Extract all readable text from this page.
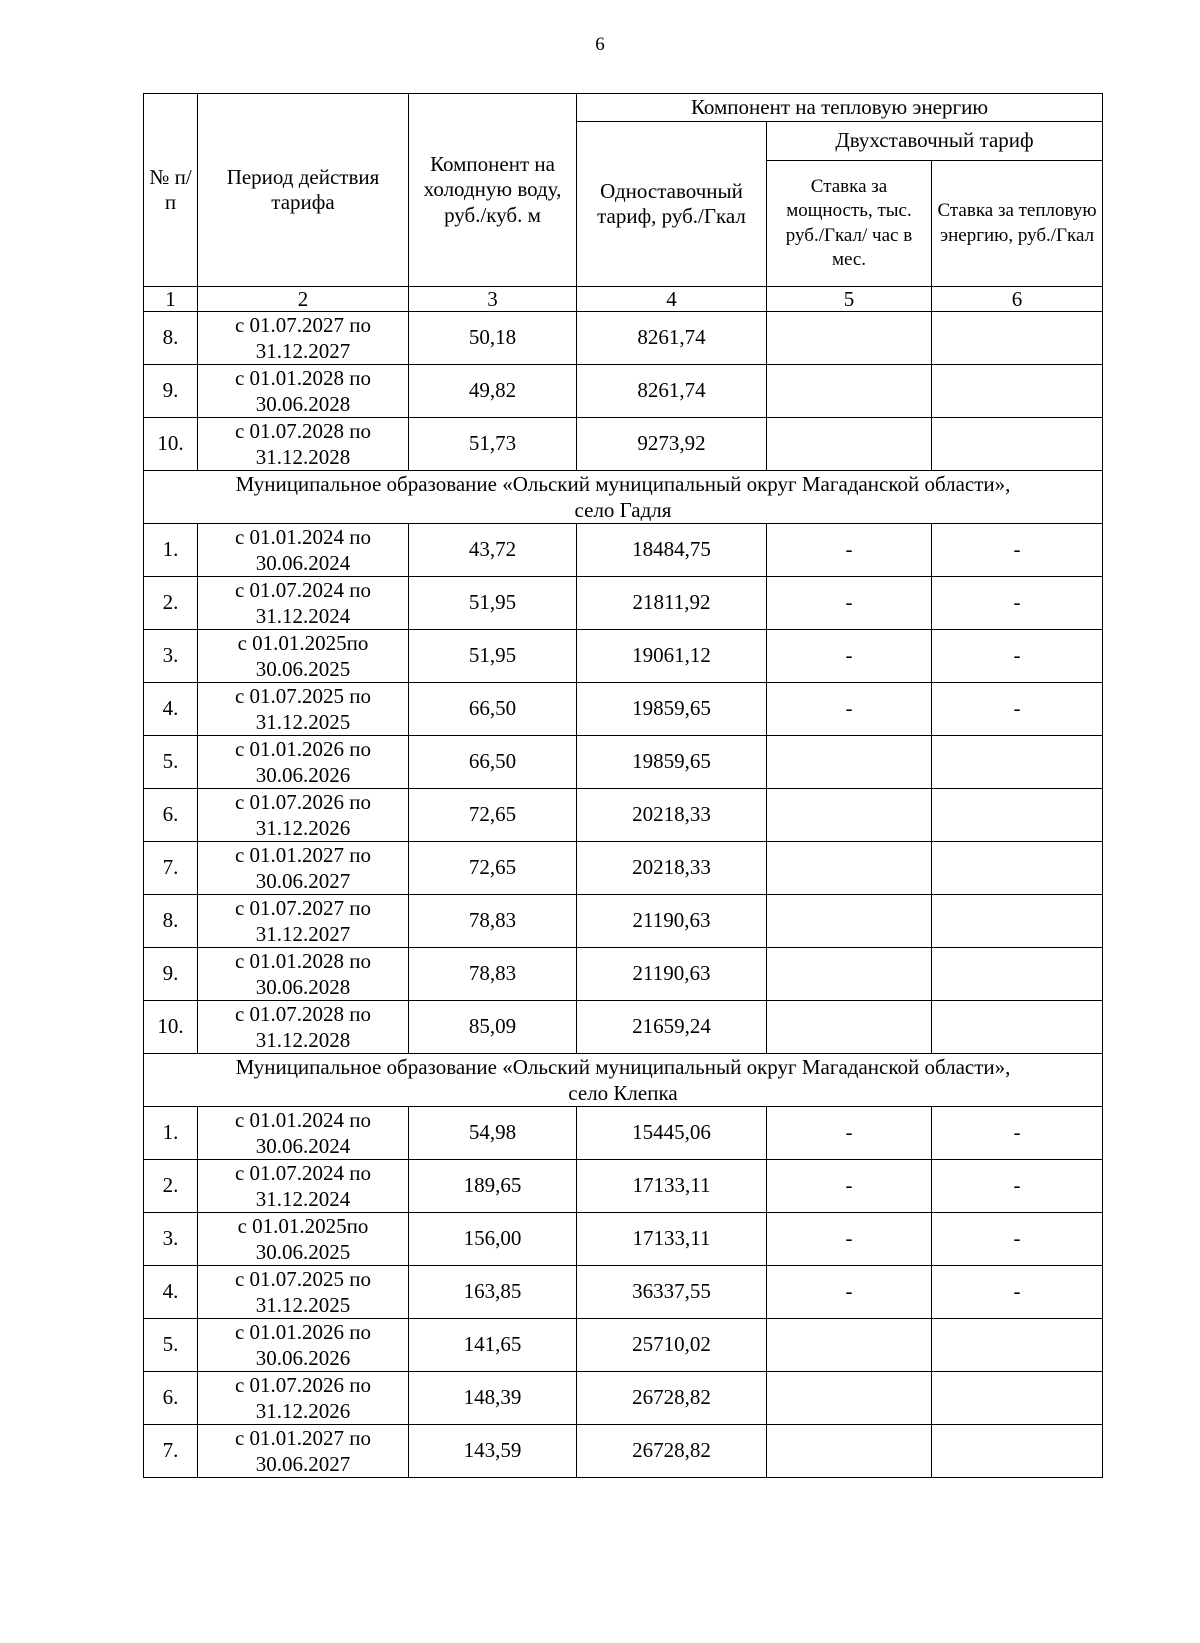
6
№ п/п	Период действия тарифа	Компонент на холодную воду, руб./куб. м	Компонент на тепловую энергию		
			Одноставочный тариф, руб./Гкал	Двухставочный тариф	
				Ставка за мощность, тыс. руб./Гкал/ час в мес.	Ставка за тепловую энергию, руб./Гкал
1	2	3	4	5	6
8.	с 01.07.2027 по
31.12.2027	50,18	8261,74		
9.	с 01.01.2028 по
30.06.2028	49,82	8261,74		
10.	с 01.07.2028 по
31.12.2028	51,73	9273,92		

Муниципальное образование «Ольский муниципальный округ Магаданской области»,
село Гадля					

1.	с 01.01.2024 по
30.06.2024	43,72	18484,75	-	-
2.	с 01.07.2024 по
31.12.2024	51,95	21811,92	-	-
3.	с 01.01.2025по
30.06.2025	51,95	19061,12	-	-
4.	с 01.07.2025 по
31.12.2025	66,50	19859,65	-	-
5.	с 01.01.2026 по
30.06.2026	66,50	19859,65		
6.	с 01.07.2026 по
31.12.2026	72,65	20218,33		
7.	с 01.01.2027 по
30.06.2027	72,65	20218,33		
8.	с 01.07.2027 по
31.12.2027	78,83	21190,63		
9.	с 01.01.2028 по
30.06.2028	78,83	21190,63		
10.	с 01.07.2028 по
31.12.2028	85,09	21659,24		

Муниципальное образование «Ольский муниципальный округ Магаданской области»,
село Клепка					

1.	с 01.01.2024 по
30.06.2024	54,98	15445,06	-	-
2.	с 01.07.2024 по
31.12.2024	189,65	17133,11	-	-
3.	с 01.01.2025по
30.06.2025	156,00	17133,11	-	-
4.	с 01.07.2025 по
31.12.2025	163,85	36337,55	-	-
5.	с 01.01.2026 по
30.06.2026	141,65	25710,02		
6.	с 01.07.2026 по
31.12.2026	148,39	26728,82		
7.	с 01.01.2027 по
30.06.2027	143,59	26728,82		
